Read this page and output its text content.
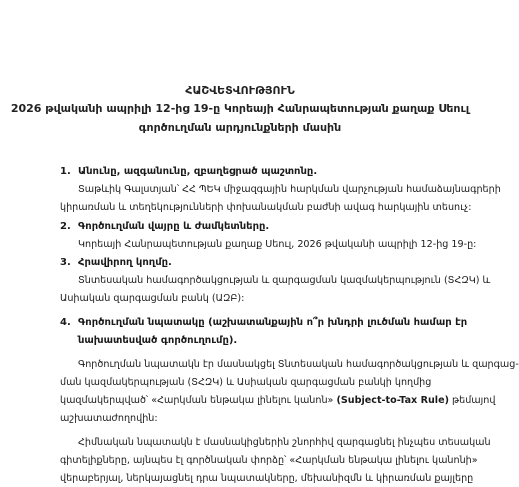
ՀԱՇՎԵՏՎՈՒԹՅՈՒՆ
2026 թվականի ապրիլի 12-ից 19-ը Կորեայի Հանրապետության քաղաք Սեուլ
գործուղման արդյունքների մասին
1. Անունը, ազգանունը, զբաղեցրած պաշտոնը.
Տաթևիկ Գալստյան՝ ՀՀ ՊԵԿ միջազգային հարկման վարչության համաձայնագրերի
կիրառման և տեղեկությունների փոխանակման բաժնի ավագ հարկային տեսուչ:
2. Գործուղման վայրը և ժամկետները.
Կորեայի Հանրապետության քաղաք Սեուլ, 2026 թվականի ապրիլի 12-ից 19-ը:
3. Հրավիրող կողմը.
Տնտեսական համագործակցության և զարգացման կազմակերպություն (ՏՀԶԿ) և
Ասիական զարգացման բանկ (ԱԶԲ):
4. Գործուղման նպատակը (աշխատանքային ո՞ր խնդրի լուծման համար էր
նախատեսված գործուղումը).
Գործուղման նպատակն էր մասնակցել Տնտեսական համագործակցության և զարգաց-
ման կազմակերպության (ՏՀԶԿ) և Ասիական զարգացման բանկի կողմից
կազմակերպված՝ «Հարկման ենթակա լինելու կանոն» (Subject-to-Tax Rule) թեմայով
աշխատաժողովին:
Հիմնական նպատակն է մասնակիցներին շնորհիվ զարգացնել ինչպես տեսական
գիտելիքները, այնպես էլ գործնական փորձը՝ «Հարկման ենթակա լինելու կանոնի»
վերաբերյալ, ներկայացնել դրա նպատակները, մեխանիզմն և կիրառման քայլերը
